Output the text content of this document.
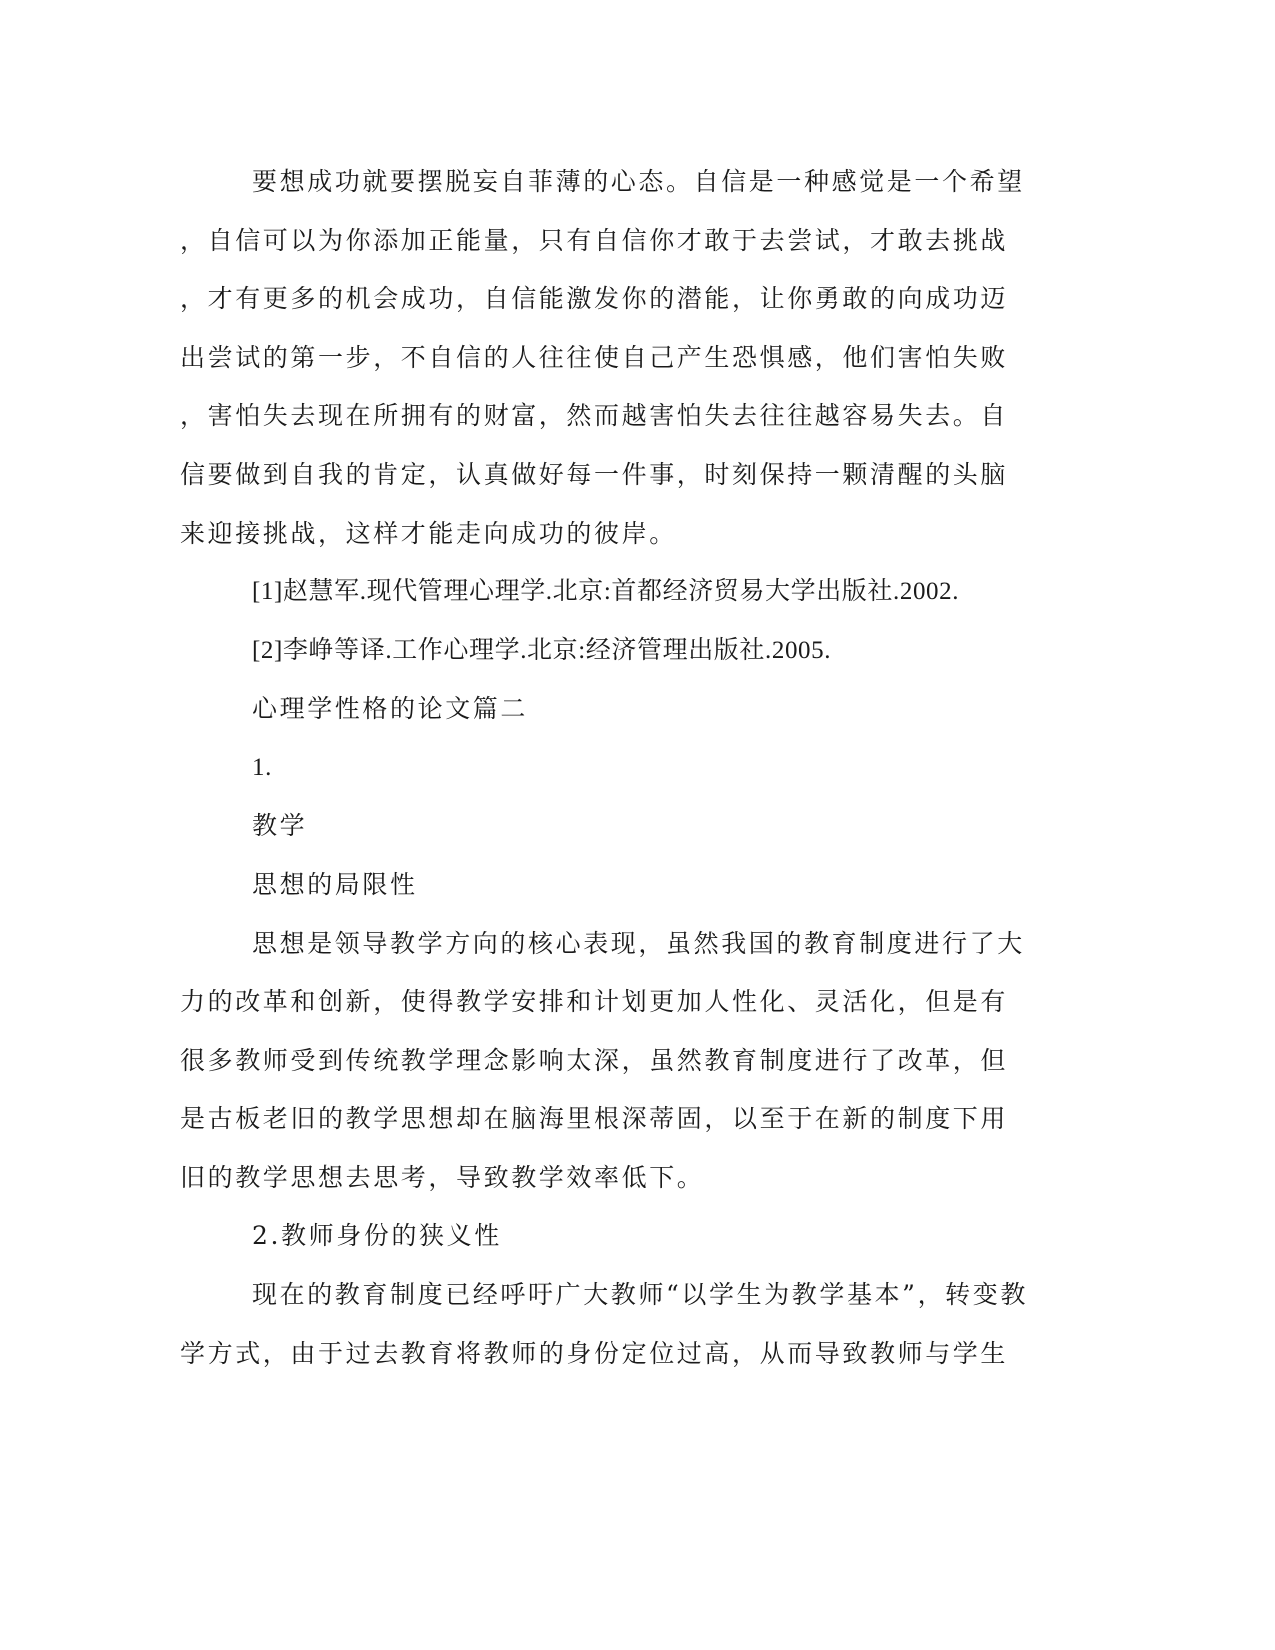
要想成功就要摆脱妄自菲薄的心态。自信是一种感觉是一个希望

，自信可以为你添加正能量，只有自信你才敢于去尝试，才敢去挑战

，才有更多的机会成功，自信能激发你的潜能，让你勇敢的向成功迈

出尝试的第一步，不自信的人往往使自己产生恐惧感，他们害怕失败

，害怕失去现在所拥有的财富，然而越害怕失去往往越容易失去。自

信要做到自我的肯定，认真做好每一件事，时刻保持一颗清醒的头脑

来迎接挑战，这样才能走向成功的彼岸。

[1]赵慧军.现代管理心理学.北京:首都经济贸易大学出版社.2002.

[2]李峥等译.工作心理学.北京:经济管理出版社.2005.

心理学性格的论文篇二

1.

教学

思想的局限性

思想是领导教学方向的核心表现，虽然我国的教育制度进行了大

力的改革和创新，使得教学安排和计划更加人性化、灵活化，但是有

很多教师受到传统教学理念影响太深，虽然教育制度进行了改革，但

是古板老旧的教学思想却在脑海里根深蒂固，以至于在新的制度下用

旧的教学思想去思考，导致教学效率低下。

2.教师身份的狭义性

现在的教育制度已经呼吁广大教师“以学生为教学基本”，转变教

学方式，由于过去教育将教师的身份定位过高，从而导致教师与学生
